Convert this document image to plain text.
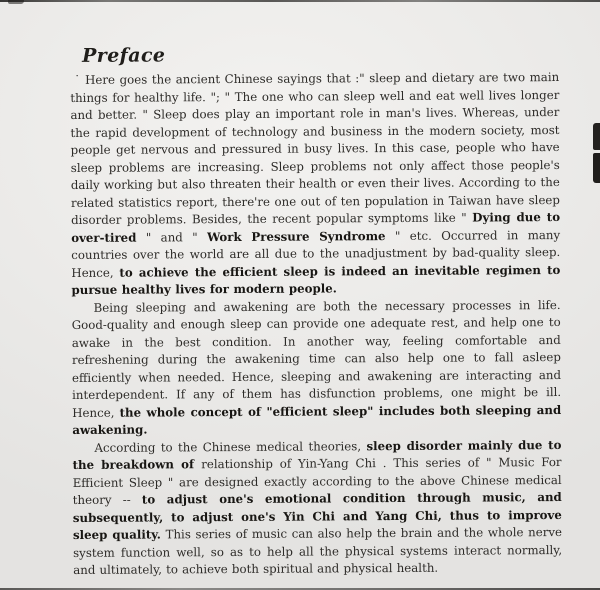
Preface

˙ Here goes the ancient Chinese sayings that :" sleep and dietary are two main things for healthy life. "; " The one who can sleep well and eat well lives longer and better. " Sleep does play an important role in man's lives. Whereas, under the rapid development of technology and business in the modern society, most people get nervous and pressured in busy lives. In this case, people who have sleep problems are increasing. Sleep problems not only affect those people's daily working but also threaten their health or even their lives. According to the related statistics report, there're one out of ten population in Taiwan have sleep disorder problems. Besides, the recent popular symptoms like " Dying due to over-tired " and " Work Pressure Syndrome " etc. Occurred in many countries over the world are all due to the unadjustment by bad-quality sleep. Hence, to achieve the efficient sleep is indeed an inevitable regimen to pursue healthy lives for modern people.

Being sleeping and awakening are both the necessary processes in life. Good-quality and enough sleep can provide one adequate rest, and help one to awake in the best condition. In another way, feeling comfortable and refreshening during the awakening time can also help one to fall asleep efficiently when needed. Hence, sleeping and awakening are interacting and interdependent. If any of them has disfunction problems, one might be ill. Hence, the whole concept of "efficient sleep" includes both sleeping and awakening.

According to the Chinese medical theories, sleep disorder mainly due to the breakdown of relationship of Yin-Yang Chi . This series of " Music For Efficient Sleep " are designed exactly according to the above Chinese medical theory -- to adjust one's emotional condition through music, and subsequently, to adjust one's Yin Chi and Yang Chi, thus to improve sleep quality. This series of music can also help the brain and the whole nerve system function well, so as to help all the physical systems interact normally, and ultimately, to achieve both spiritual and physical health.
